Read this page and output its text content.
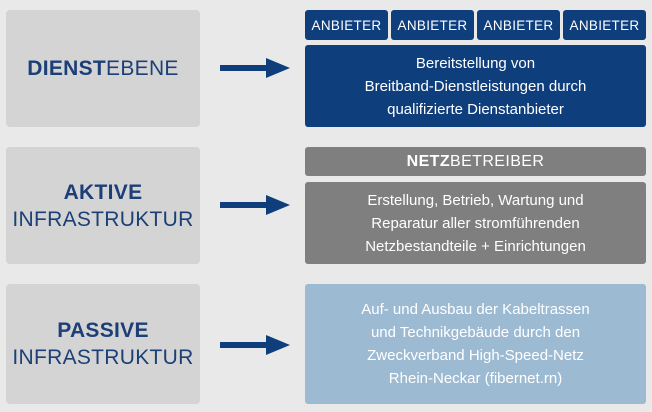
DIENSTEBENE
ANBIETER	ANBIETER	ANBIETER	ANBIETER
Bereitstellung von
Breitband-Dienstleistungen durch
qualifizierte Dienstanbieter
AKTIVE
INFRASTRUKTUR
NETZ BETREIBER
Erstellung, Betrieb, Wartung und
Reparatur aller stromführenden
Netzbestandteile + Einrichtungen
PASSIVE
INFRASTRUKTUR
Auf- und Ausbau der Kabeltrassen
und Technikgebäude durch den
Zweckverband High-Speed-Netz
Rhein-Neckar (fibernet.rn)
